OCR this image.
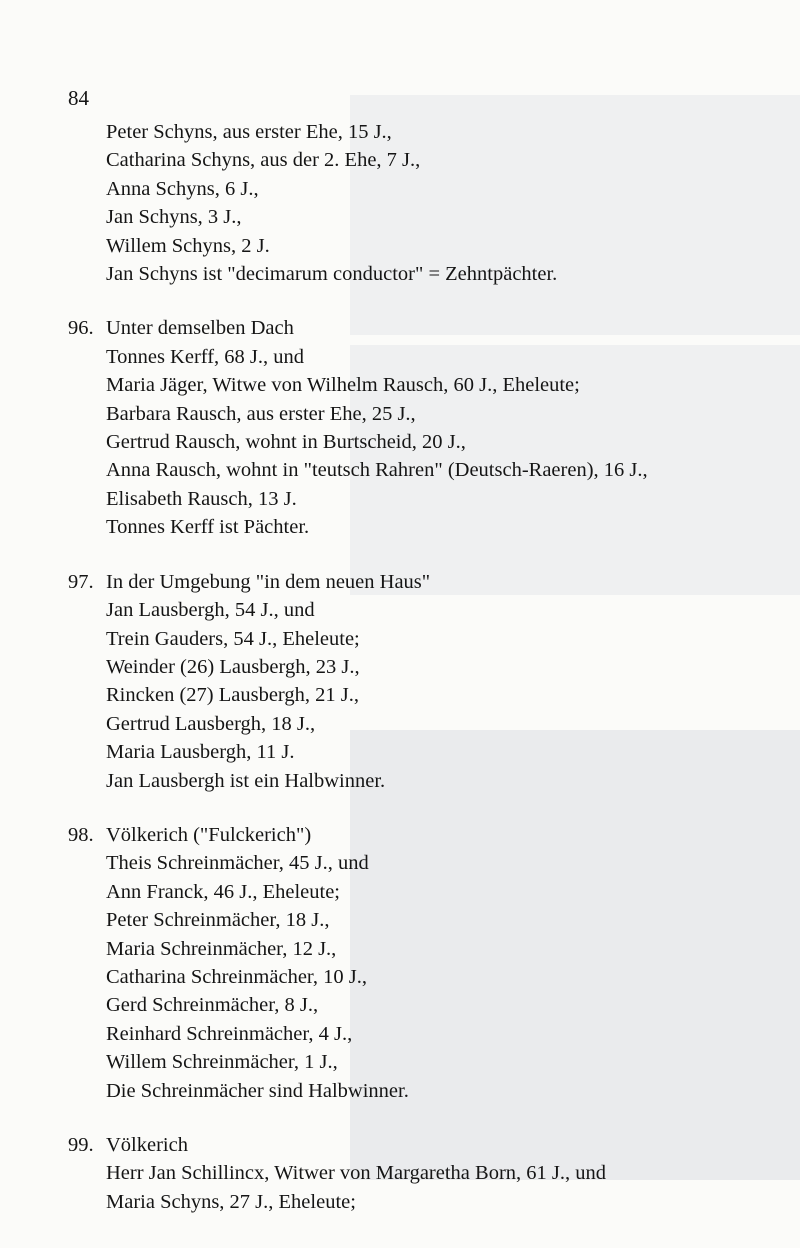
84
Peter Schyns, aus erster Ehe, 15 J.,
Catharina Schyns, aus der 2. Ehe, 7 J.,
Anna Schyns, 6 J.,
Jan Schyns, 3 J.,
Willem Schyns, 2 J.
Jan Schyns ist "decimarum conductor" = Zehntpächter.
96. Unter demselben Dach
Tonnes Kerff, 68 J., und
Maria Jäger, Witwe von Wilhelm Rausch, 60 J., Eheleute;
Barbara Rausch, aus erster Ehe, 25 J.,
Gertrud Rausch, wohnt in Burtscheid, 20 J.,
Anna Rausch, wohnt in "teutsch Rahren" (Deutsch-Raeren), 16 J.,
Elisabeth Rausch, 13 J.
Tonnes Kerff ist Pächter.
97. In der Umgebung "in dem neuen Haus"
Jan Lausbergh, 54 J., und
Trein Gauders, 54 J., Eheleute;
Weinder (26) Lausbergh, 23 J.,
Rincken (27) Lausbergh, 21 J.,
Gertrud Lausbergh, 18 J.,
Maria Lausbergh, 11 J.
Jan Lausbergh ist ein Halbwinner.
98. Völkerich ("Fulckerich")
Theis Schreinmächer, 45 J., und
Ann Franck, 46 J., Eheleute;
Peter Schreinmächer, 18 J.,
Maria Schreinmächer, 12 J.,
Catharina Schreinmächer, 10 J.,
Gerd Schreinmächer, 8 J.,
Reinhard Schreinmächer, 4 J.,
Willem Schreinmächer, 1 J.,
Die Schreinmächer sind Halbwinner.
99. Völkerich
Herr Jan Schillincx, Witwer von Margaretha Born, 61 J., und
Maria Schyns, 27 J., Eheleute;
